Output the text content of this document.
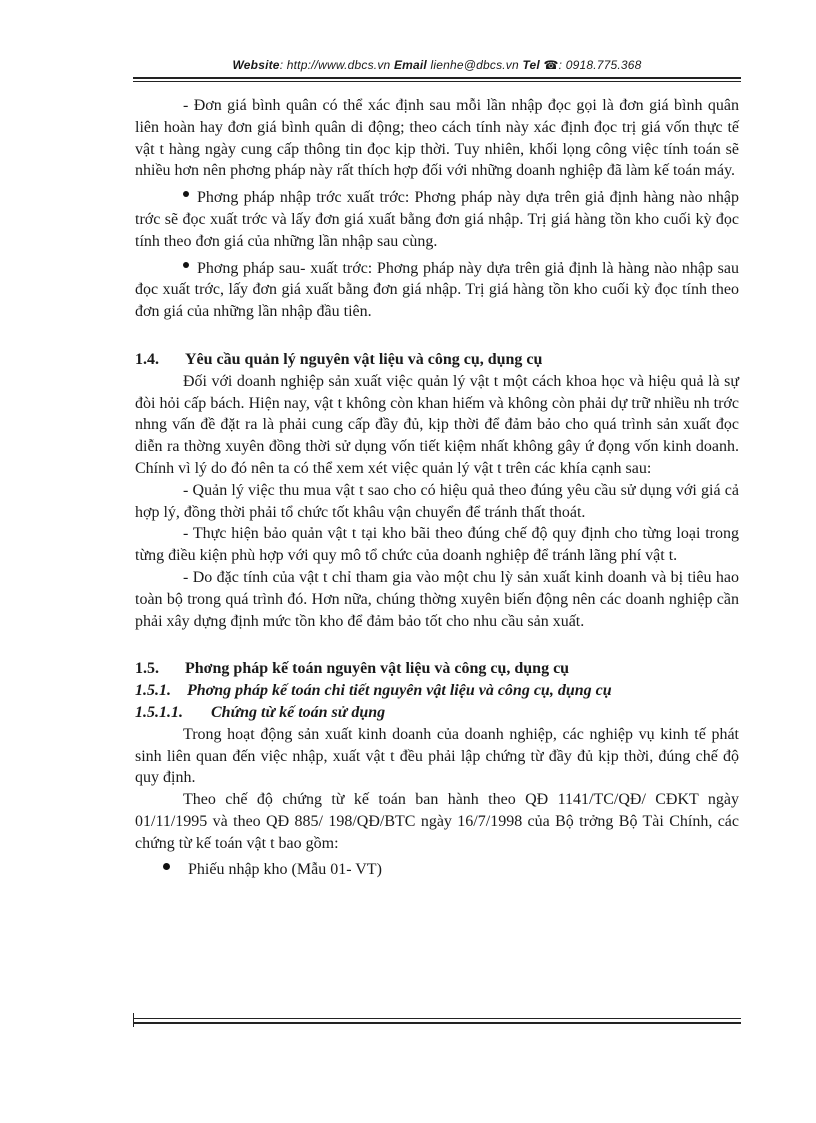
Website: http://www.dbcs.vn Email lienhe@dbcs.vn Tel ☎: 0918.775.368

- Đơn giá bình quân có thể xác định sau mỗi lần nhập đọc gọi là đơn giá bình quân liên hoàn hay đơn giá bình quân di động; theo cách tính này xác định đọc trị giá vốn thực tế vật t hàng ngày cung cấp thông tin đọc kịp thời. Tuy nhiên, khối lọng công việc tính toán sẽ nhiều hơn nên phơng pháp này rất thích hợp đối với những doanh nghiệp đã làm kế toán máy.

Phơng pháp nhập trớc xuất trớc: Phơng pháp này dựa trên giả định hàng nào nhập trớc sẽ đọc xuất trớc và lấy đơn giá xuất bằng đơn giá nhập. Trị giá hàng tồn kho cuối kỳ đọc tính theo đơn giá của những lần nhập sau cùng.

Phơng pháp sau- xuất trớc: Phơng pháp này dựa trên giả định là hàng nào nhập sau đọc xuất trớc, lấy đơn giá xuất bằng đơn giá nhập. Trị giá hàng tồn kho cuối kỳ đọc tính theo đơn giá của những lần nhập đầu tiên.

1.4. Yêu cầu quản lý nguyên vật liệu và công cụ, dụng cụ

Đối với doanh nghiệp sản xuất việc quản lý vật t một cách khoa học và hiệu quả là sự đòi hỏi cấp bách. Hiện nay, vật t không còn khan hiếm và không còn phải dự trữ nhiều nh trớc nhng vấn đề đặt ra là phải cung cấp đầy đủ, kịp thời để đảm bảo cho quá trình sản xuất đọc diễn ra thờng xuyên đồng thời sử dụng vốn tiết kiệm nhất không gây ứ đọng vốn kinh doanh. Chính vì lý do đó nên ta có thể xem xét việc quản lý vật t trên các khía cạnh sau:

- Quản lý việc thu mua vật t sao cho có hiệu quả theo đúng yêu cầu sử dụng với giá cả hợp lý, đồng thời phải tổ chức tốt khâu vận chuyển để tránh thất thoát.

- Thực hiện bảo quản vật t tại kho bãi theo đúng chế độ quy định cho từng loại trong từng điều kiện phù hợp với quy mô tổ chức của doanh nghiệp để tránh lãng phí vật t.

- Do đặc tính của vật t chỉ tham gia vào một chu lỳ sản xuất kinh doanh và bị tiêu hao toàn bộ trong quá trình đó. Hơn nữa, chúng thờng xuyên biến động nên các doanh nghiệp cần phải xây dựng định mức tồn kho để đảm bảo tốt cho nhu cầu sản xuất.

1.5. Phơng pháp kế toán nguyên vật liệu và công cụ, dụng cụ

1.5.1. Phơng pháp kế toán chi tiết nguyên vật liệu và công cụ, dụng cụ

1.5.1.1. Chứng từ kế toán sử dụng

Trong hoạt động sản xuất kinh doanh của doanh nghiệp, các nghiệp vụ kinh tế phát sinh liên quan đến việc nhập, xuất vật t đều phải lập chứng từ đầy đủ kịp thời, đúng chế độ quy định.

Theo chế độ chứng từ kế toán ban hành theo QĐ 1141/TC/QĐ/ CĐKT ngày 01/11/1995 và theo QĐ 885/ 198/QĐ/BTC ngày 16/7/1998 của Bộ trởng Bộ Tài Chính, các chứng từ kế toán vật t bao gồm:

Phiếu nhập kho (Mẫu 01- VT)
